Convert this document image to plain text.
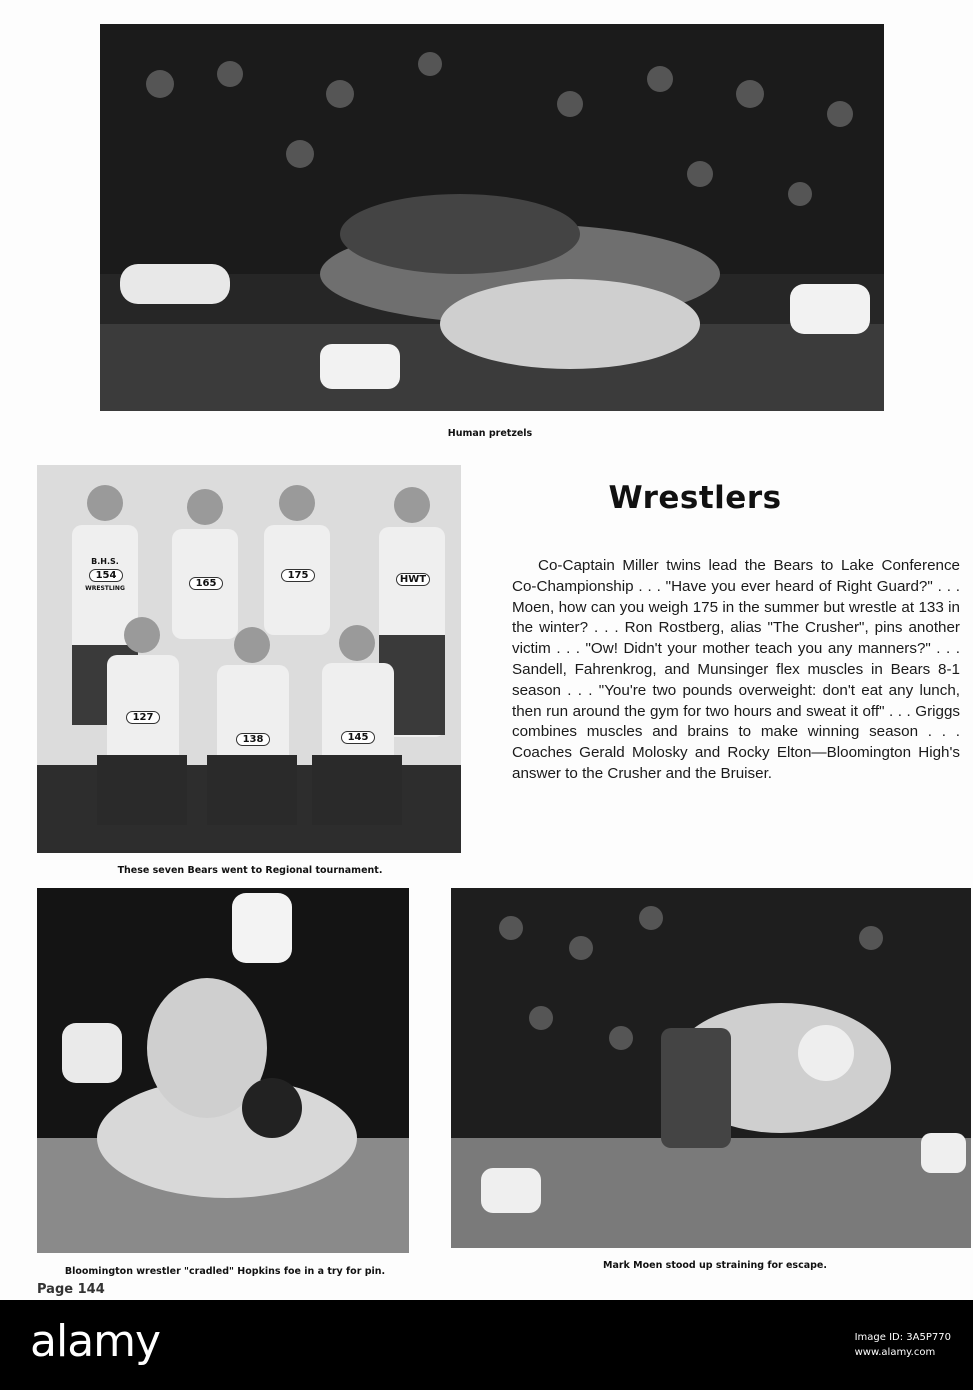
Human pretzels
154
165
175	HWT
127
138	145
B.H.S.
WRESTLING
These seven Bears went to Regional tournament.
Wrestlers
Co-Captain Miller twins lead the Bears to Lake Conference Co-Championship . . . "Have you ever heard of Right Guard?" . . . Moen, how can you weigh 175 in the summer but wrestle at 133 in the winter? . . . Ron Rostberg, alias "The Crusher", pins another victim . . . "Ow! Didn't your mother teach you any manners?" . . . Sandell, Fahrenkrog, and Munsinger flex muscles in Bears 8-1 season . . . "You're two pounds overweight: don't eat any lunch, then run around the gym for two hours and sweat it off" . . . Griggs combines muscles and brains to make winning season . . . Coaches Gerald Molosky and Rocky Elton—Bloomington High's answer to the Crusher and the Bruiser.
Bloomington wrestler "cradled" Hopkins foe in a try for pin.
Mark Moen stood up straining for escape.
Page 144
alamy	Image ID: 3A5P770
www.alamy.com
